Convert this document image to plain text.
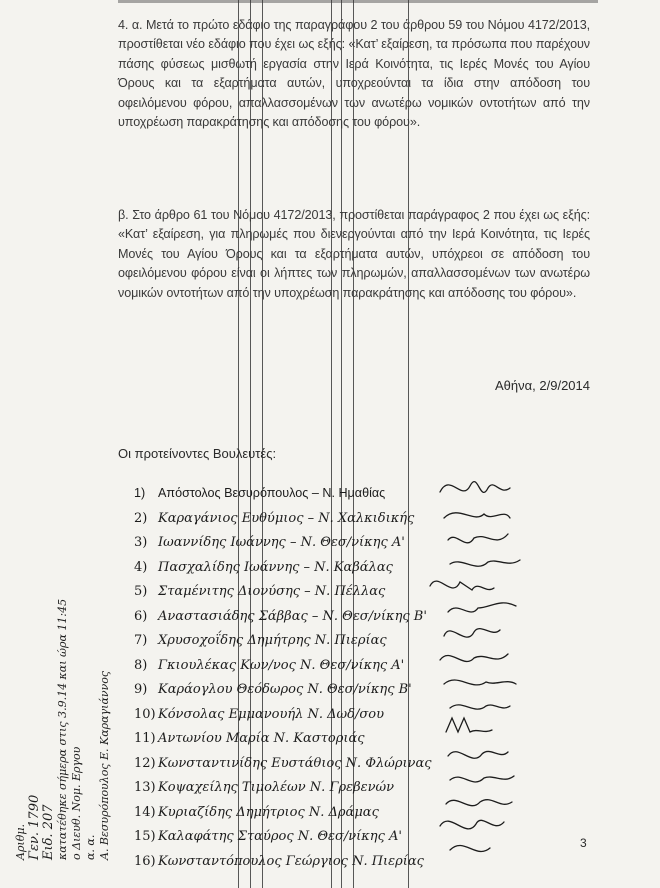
4. α. Μετά το πρώτο εδάφιο της παραγράφου 2 του άρθρου 59 του Νόμου 4172/2013, προστίθεται νέο εδάφιο που έχει ως εξής: «Κατ’ εξαίρεση, τα πρόσωπα που παρέχουν πάσης φύσεως μισθωτή εργασία στην Ιερά Κοινότητα, τις Ιερές Μονές του Αγίου Όρους και τα εξαρτήματα αυτών, υποχρεούνται τα ίδια στην απόδοση του οφειλόμενου φόρου, απαλλασσομένων των ανωτέρω νομικών οντοτήτων από την υποχρέωση παρακράτησης και απόδοσης του φόρου».

β. Στο άρθρο 61 του Νόμου 4172/2013, προστίθεται παράγραφος 2 που έχει ως εξής: «Κατ’ εξαίρεση, για πληρωμές που διενεργούνται από την Ιερά Κοινότητα, τις Ιερές Μονές του Αγίου Όρους και τα εξαρτήματα αυτών, υπόχρεοι σε απόδοση του οφειλόμενου φόρου είναι οι λήπτες των πληρωμών, απαλλασσομένων των ανωτέρω νομικών οντοτήτων από την υποχρέωση παρακράτησης και απόδοσης του φόρου».

Αθήνα, 2/9/2014
Οι προτείνοντες Βουλευτές:
1) Απόστολος Βεσυρόπουλος – Ν. Ημαθίας
2) Καραγάνιος Ευθύμιος – Ν. Χαλκιδικής
3) Ιωαννίδης Ιωάννης – Ν. Θεσ/νίκης Α'
4) Πασχαλίδης Ιωάννης – Ν. Καβάλας
5) Σταμένιτης Διονύσης – Ν. Πέλλας
6) Αναστασιάδης Σάββας – Ν. Θεσ/νίκης Β'
7) Χρυσοχοΐδης Δημήτρης Ν. Πιερίας
8) Γκιουλέκας Κων/νος Ν. Θεσ/νίκης Α'
9) Καράογλου Θεόδωρος Ν. Θεσ/νίκης Β'
10) Κόνσολας Εμμανουήλ Ν. Δωδ/σου
11) Αντωνίου Μαρία Ν. Καστοριάς
12) Κωνσταντινίδης Ευστάθιος Ν. Φλώρινας
13) Κοψαχείλης Τιμολέων Ν. Γρεβενών
14) Κυριαζίδης Δημήτριος Ν. Δράμας
15) Καλαφάτης Σταύρος Ν. Θεσ/νίκης Α'
16) Κωνσταντόπουλος Γεώργιος Ν. Πιερίας
Αριθμ. Γεν. 1790 Ειδ. 207 κατατέθηκε σήμερα στις 3.9.14 και ώρα 11:45 ο Διευθ. Νομ. Εργου α. α. Α. Βεσυρόπουλος Ε. Καραγιάννος	3
